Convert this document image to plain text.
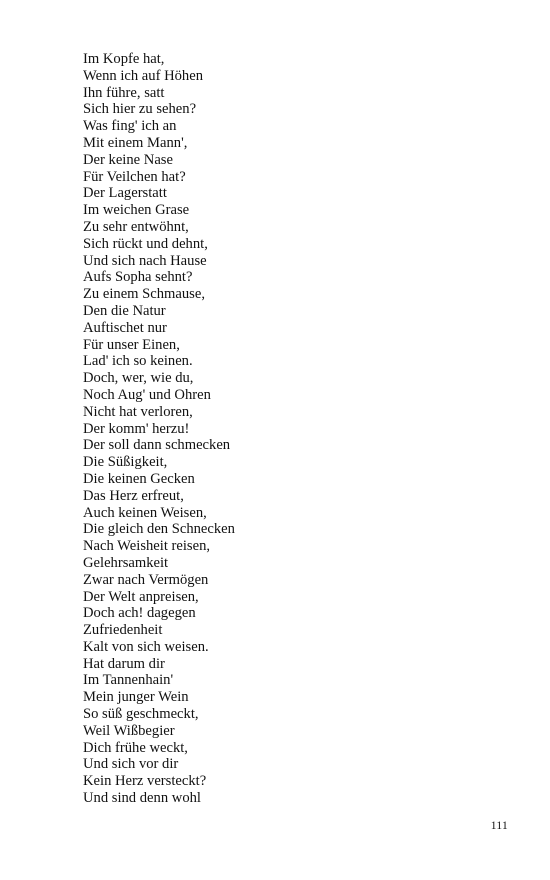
Im Kopfe hat,
Wenn ich auf Höhen
Ihn führe, satt
Sich hier zu sehen?
Was fing' ich an
Mit einem Mann',
Der keine Nase
Für Veilchen hat?
Der Lagerstatt
Im weichen Grase
Zu sehr entwöhnt,
Sich rückt und dehnt,
Und sich nach Hause
Aufs Sopha sehnt?
Zu einem Schmause,
Den die Natur
Auftischet nur
Für unser Einen,
Lad' ich so keinen.
Doch, wer, wie du,
Noch Aug' und Ohren
Nicht hat verloren,
Der komm' herzu!
Der soll dann schmecken
Die Süßigkeit,
Die keinen Gecken
Das Herz erfreut,
Auch keinen Weisen,
Die gleich den Schnecken
Nach Weisheit reisen,
Gelehrsamkeit
Zwar nach Vermögen
Der Welt anpreisen,
Doch ach! dagegen
Zufriedenheit
Kalt von sich weisen.
Hat darum dir
Im Tannenhain'
Mein junger Wein
So süß geschmeckt,
Weil Wißbegier
Dich frühe weckt,
Und sich vor dir
Kein Herz versteckt?
Und sind denn wohl
111
